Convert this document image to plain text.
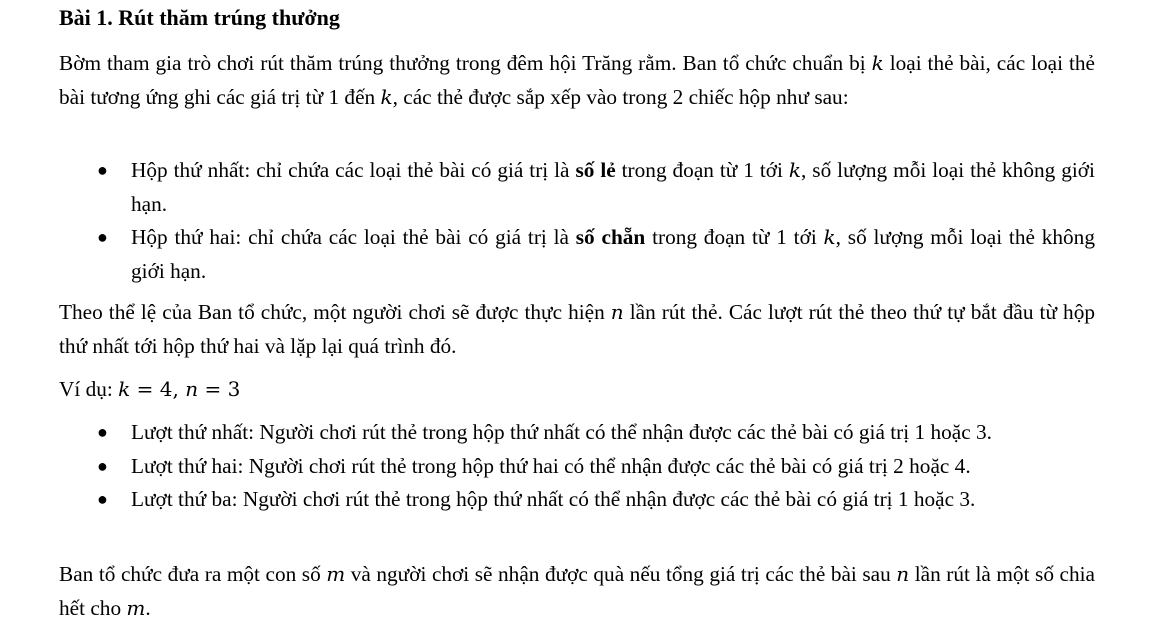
Bài 1. Rút thăm trúng thưởng

Bờm tham gia trò chơi rút thăm trúng thưởng trong đêm hội Trăng rằm. Ban tổ chức chuẩn bị k loại thẻ bài, các loại thẻ bài tương ứng ghi các giá trị từ 1 đến k, các thẻ được sắp xếp vào trong 2 chiếc hộp như sau:

● Hộp thứ nhất: chỉ chứa các loại thẻ bài có giá trị là số lẻ trong đoạn từ 1 tới k, số lượng mỗi loại thẻ không giới hạn.
● Hộp thứ hai: chỉ chứa các loại thẻ bài có giá trị là số chẵn trong đoạn từ 1 tới k, số lượng mỗi loại thẻ không giới hạn.

Theo thể lệ của Ban tổ chức, một người chơi sẽ được thực hiện n lần rút thẻ. Các lượt rút thẻ theo thứ tự bắt đầu từ hộp thứ nhất tới hộp thứ hai và lặp lại quá trình đó.

Ví dụ: k = 4, n = 3

● Lượt thứ nhất: Người chơi rút thẻ trong hộp thứ nhất có thể nhận được các thẻ bài có giá trị 1 hoặc 3.
● Lượt thứ hai: Người chơi rút thẻ trong hộp thứ hai có thể nhận được các thẻ bài có giá trị 2 hoặc 4.
● Lượt thứ ba: Người chơi rút thẻ trong hộp thứ nhất có thể nhận được các thẻ bài có giá trị 1 hoặc 3.

Ban tổ chức đưa ra một con số m và người chơi sẽ nhận được quà nếu tổng giá trị các thẻ bài sau n lần rút là một số chia hết cho m.
